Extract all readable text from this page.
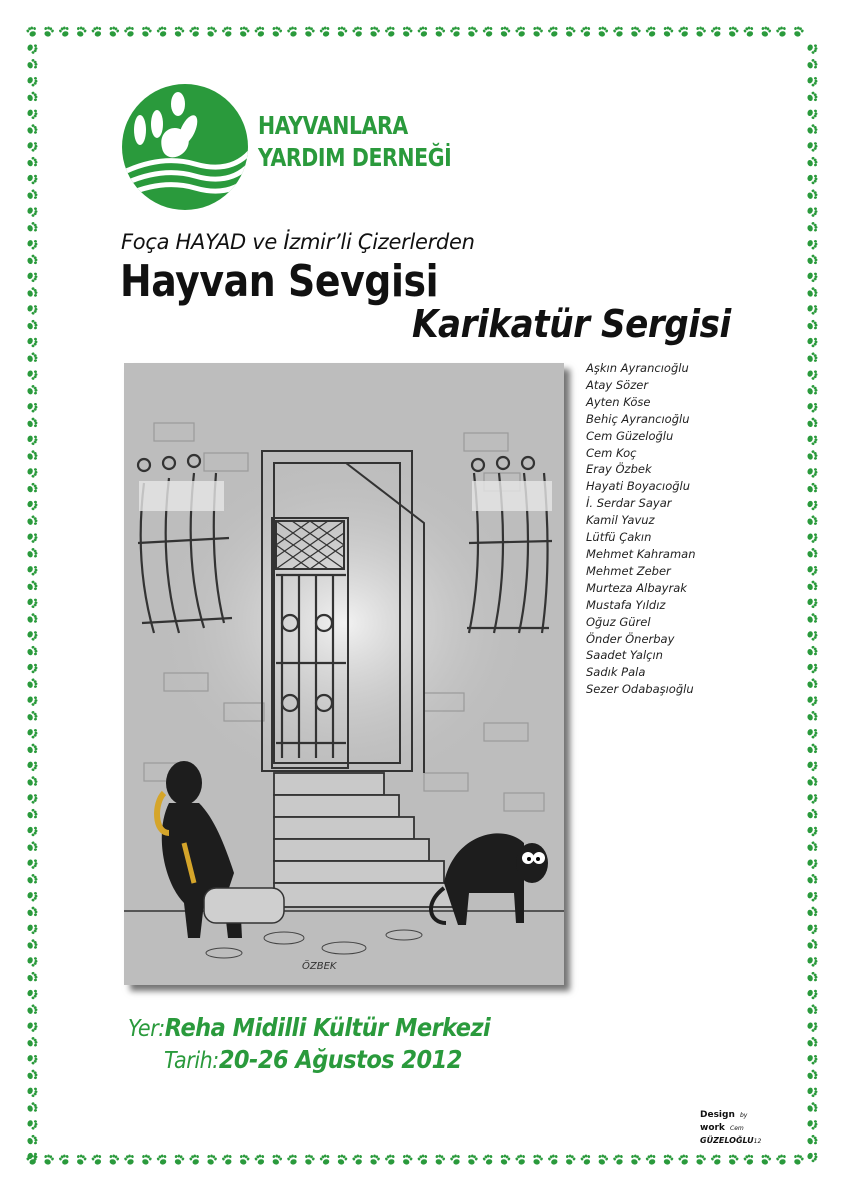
HAYVANLARA
YARDIM DERNEĞİ
Foça HAYAD ve İzmir’li Çizerlerden
Hayvan Sevgisi
Karikatür Sergisi
ÖZBEK
Aşkın Ayrancıoğlu
Atay Sözer
Ayten Köse
Behiç Ayrancıoğlu
Cem Güzeloğlu
Cem Koç
Eray Özbek
Hayati Boyacıoğlu
İ. Serdar Sayar
Kamil Yavuz
Lütfü Çakın
Mehmet Kahraman
Mehmet Zeber
Murteza Albayrak
Mustafa Yıldız
Oğuz Gürel
Önder Önerbay
Saadet Yalçın
Sadık Pala
Sezer Odabaşıoğlu
Yer:Reha Midilli Kültür Merkezi
Tarih:20-26 Ağustos 2012
Design by
work Cem
GÜZELOĞLU12
